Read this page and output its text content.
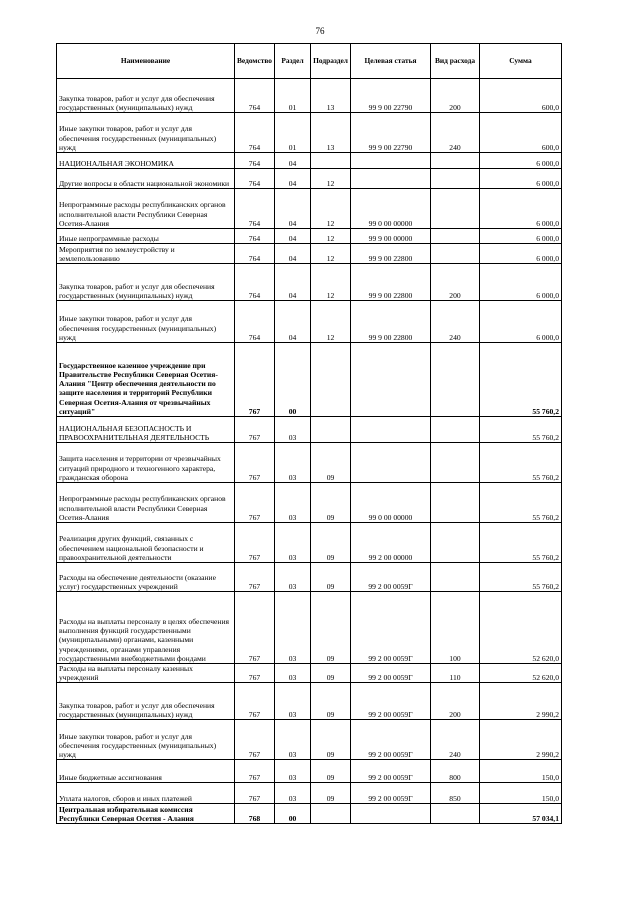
76
Наименование	Ведомство	Раздел	Подраздел	Целевая статья	Вид расхода	Сумма
Закупка товаров, работ и услуг для обеспечения государственных (муниципальных) нужд	764	01	13	99 9 00 22790	200	600,0
Иные закупки товаров, работ и услуг для обеспечения государственных (муниципальных) нужд	764	01	13	99 9 00 22790	240	600,0
НАЦИОНАЛЬНАЯ ЭКОНОМИКА	764	04				6 000,0
Другие вопросы в области национальной экономики	764	04	12			6 000,0
Непрограммные расходы республиканских органов исполнительной власти Республики Северная Осетия-Алания	764	04	12	99 0 00 00000		6 000,0
Иные непрограммные расходы	764	04	12	99 9 00 00000		6 000,0
Мероприятия по землеустройству и землепользованию	764	04	12	99 9 00 22800		6 000,0
Закупка товаров, работ и услуг для обеспечения государственных (муниципальных) нужд	764	04	12	99 9 00 22800	200	6 000,0
Иные закупки товаров, работ и услуг для обеспечения государственных (муниципальных) нужд	764	04	12	99 9 00 22800	240	6 000,0
Государственное казенное учреждение при Правительстве Республики Северная Осетия-Алания "Центр обеспечения деятельности по защите населения и территорий Республики Северная Осетия-Алания от чрезвычайных ситуаций"	767	00				55 760,2
НАЦИОНАЛЬНАЯ БЕЗОПАСНОСТЬ И ПРАВООХРАНИТЕЛЬНАЯ ДЕЯТЕЛЬНОСТЬ	767	03				55 760,2
Защита населения и территории от чрезвычайных ситуаций природного и техногенного характера, гражданская оборона	767	03	09			55 760,2
Непрограммные расходы республиканских органов исполнительной власти Республики Северная Осетия-Алания	767	03	09	99 0 00 00000		55 760,2
Реализация других функций, связанных с обеспечением национальной безопасности и правоохранительной деятельности	767	03	09	99 2 00 00000		55 760,2
Расходы на обеспечение деятельности (оказание услуг) государственных учреждений	767	03	09	99 2 00 0059Г		55 760,2
Расходы на выплаты персоналу в целях обеспечения выполнения функций государственными (муниципальными) органами, казенными учреждениями, органами управления государственными внебюджетными фондами	767	03	09	99 2 00 0059Г	100	52 620,0
Расходы на выплаты персоналу казенных учреждений	767	03	09	99 2 00 0059Г	110	52 620,0
Закупка товаров, работ и услуг для обеспечения государственных (муниципальных) нужд	767	03	09	99 2 00 0059Г	200	2 990,2
Иные закупки товаров, работ и услуг для обеспечения государственных (муниципальных) нужд	767	03	09	99 2 00 0059Г	240	2 990,2
Иные бюджетные ассигнования	767	03	09	99 2 00 0059Г	800	150,0
Уплата налогов, сборов и иных платежей	767	03	09	99 2 00 0059Г	850	150,0
Центральная избирательная комиссия Республики Северная Осетия - Алания	768	00				57 034,1
